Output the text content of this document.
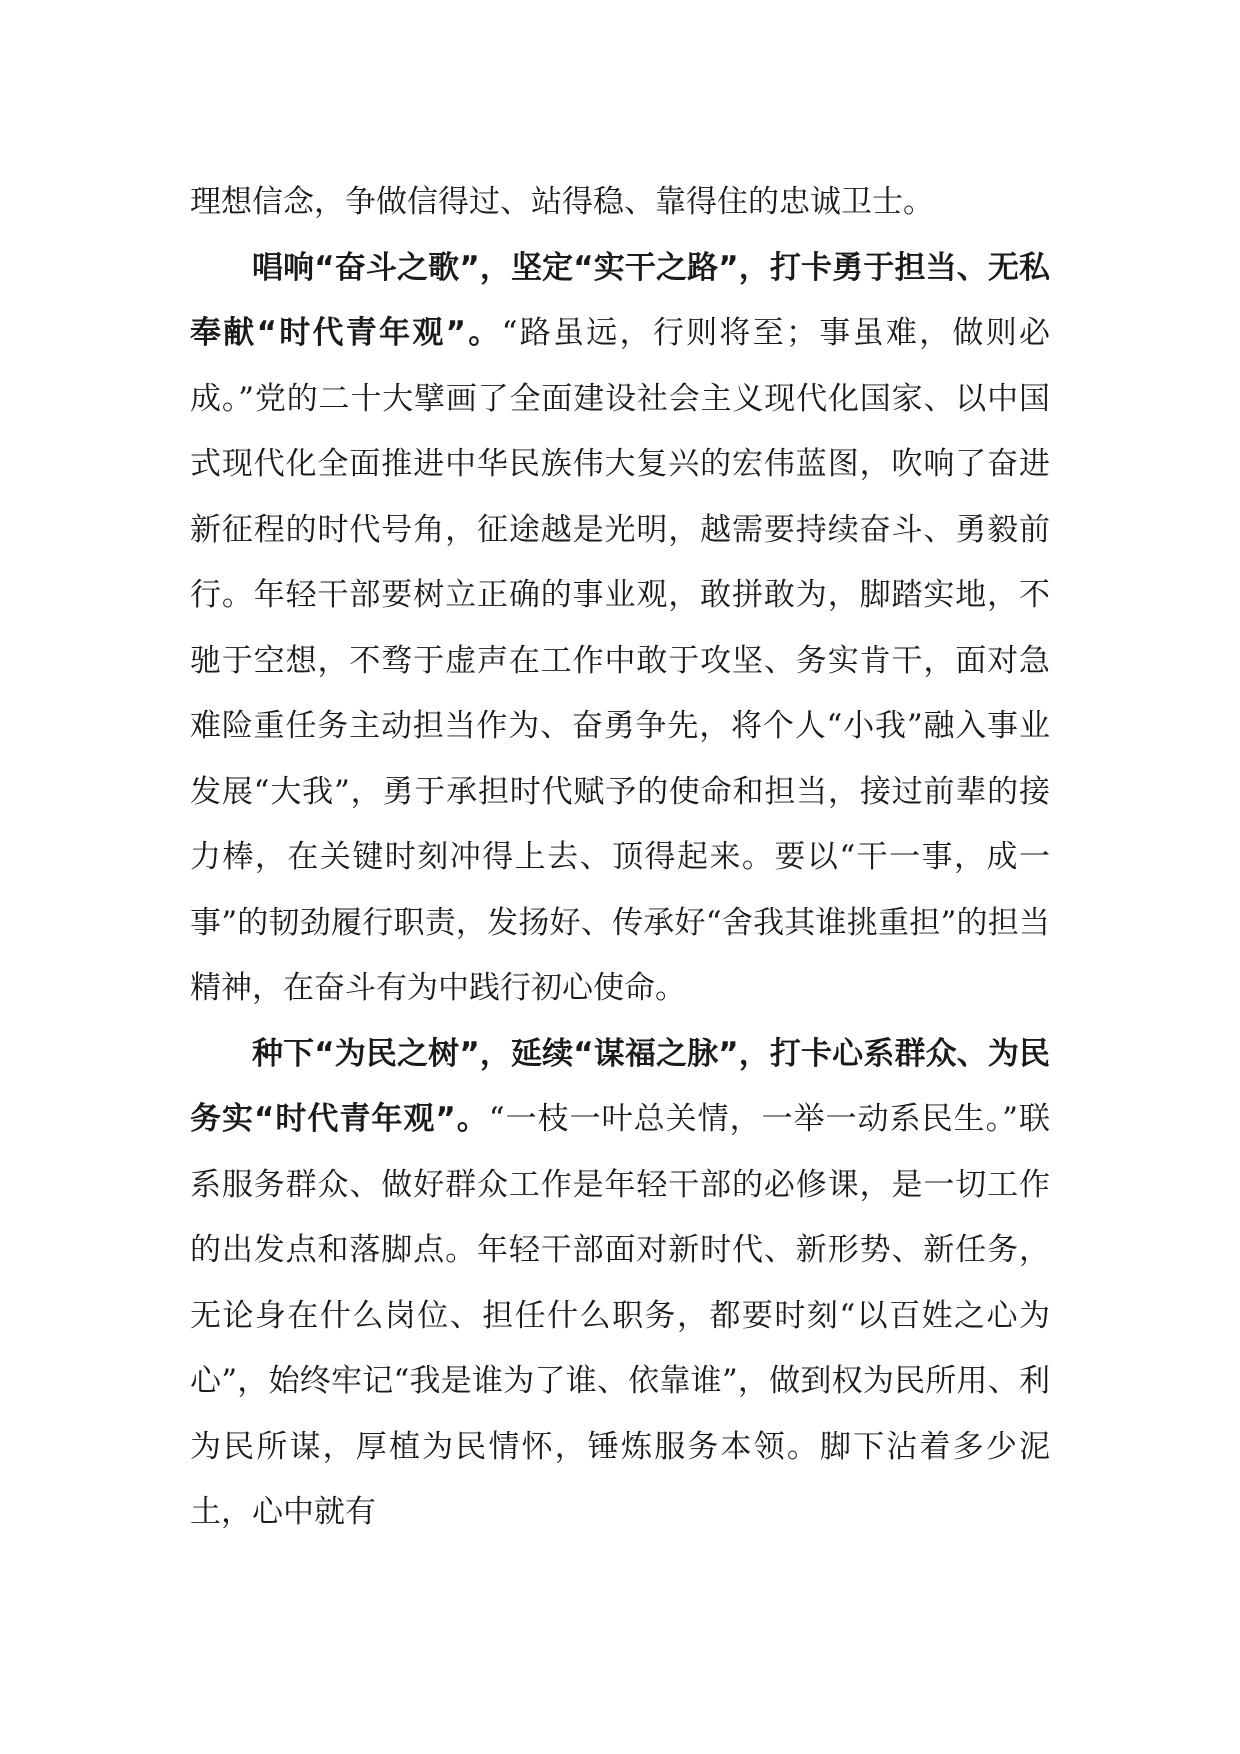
理想信念，争做信得过、站得稳、靠得住的忠诚卫士。

唱响“奋斗之歌”，坚定“实干之路”，打卡勇于担当、无私奉献“时代青年观”。“路虽远，行则将至；事虽难，做则必成。”党的二十大擘画了全面建设社会主义现代化国家、以中国式现代化全面推进中华民族伟大复兴的宏伟蓝图，吹响了奋进新征程的时代号角，征途越是光明，越需要持续奋斗、勇毅前行。年轻干部要树立正确的事业观，敢拼敢为，脚踏实地，不驰于空想，不骛于虚声在工作中敢于攻坚、务实肯干，面对急难险重任务主动担当作为、奋勇争先，将个人“小我”融入事业发展“大我”，勇于承担时代赋予的使命和担当，接过前辈的接力棒，在关键时刻冲得上去、顶得起来。要以“干一事，成一事”的韧劲履行职责，发扬好、传承好“舍我其谁挑重担”的担当精神，在奋斗有为中践行初心使命。

种下“为民之树”，延续“谋福之脉”，打卡心系群众、为民务实“时代青年观”。“一枝一叶总关情，一举一动系民生。”联系服务群众、做好群众工作是年轻干部的必修课，是一切工作的出发点和落脚点。年轻干部面对新时代、新形势、新任务，无论身在什么岗位、担任什么职务，都要时刻“以百姓之心为心”，始终牢记“我是谁为了谁、依靠谁”，做到权为民所用、利为民所谋，厚植为民情怀，锤炼服务本领。脚下沾着多少泥土，心中就有
